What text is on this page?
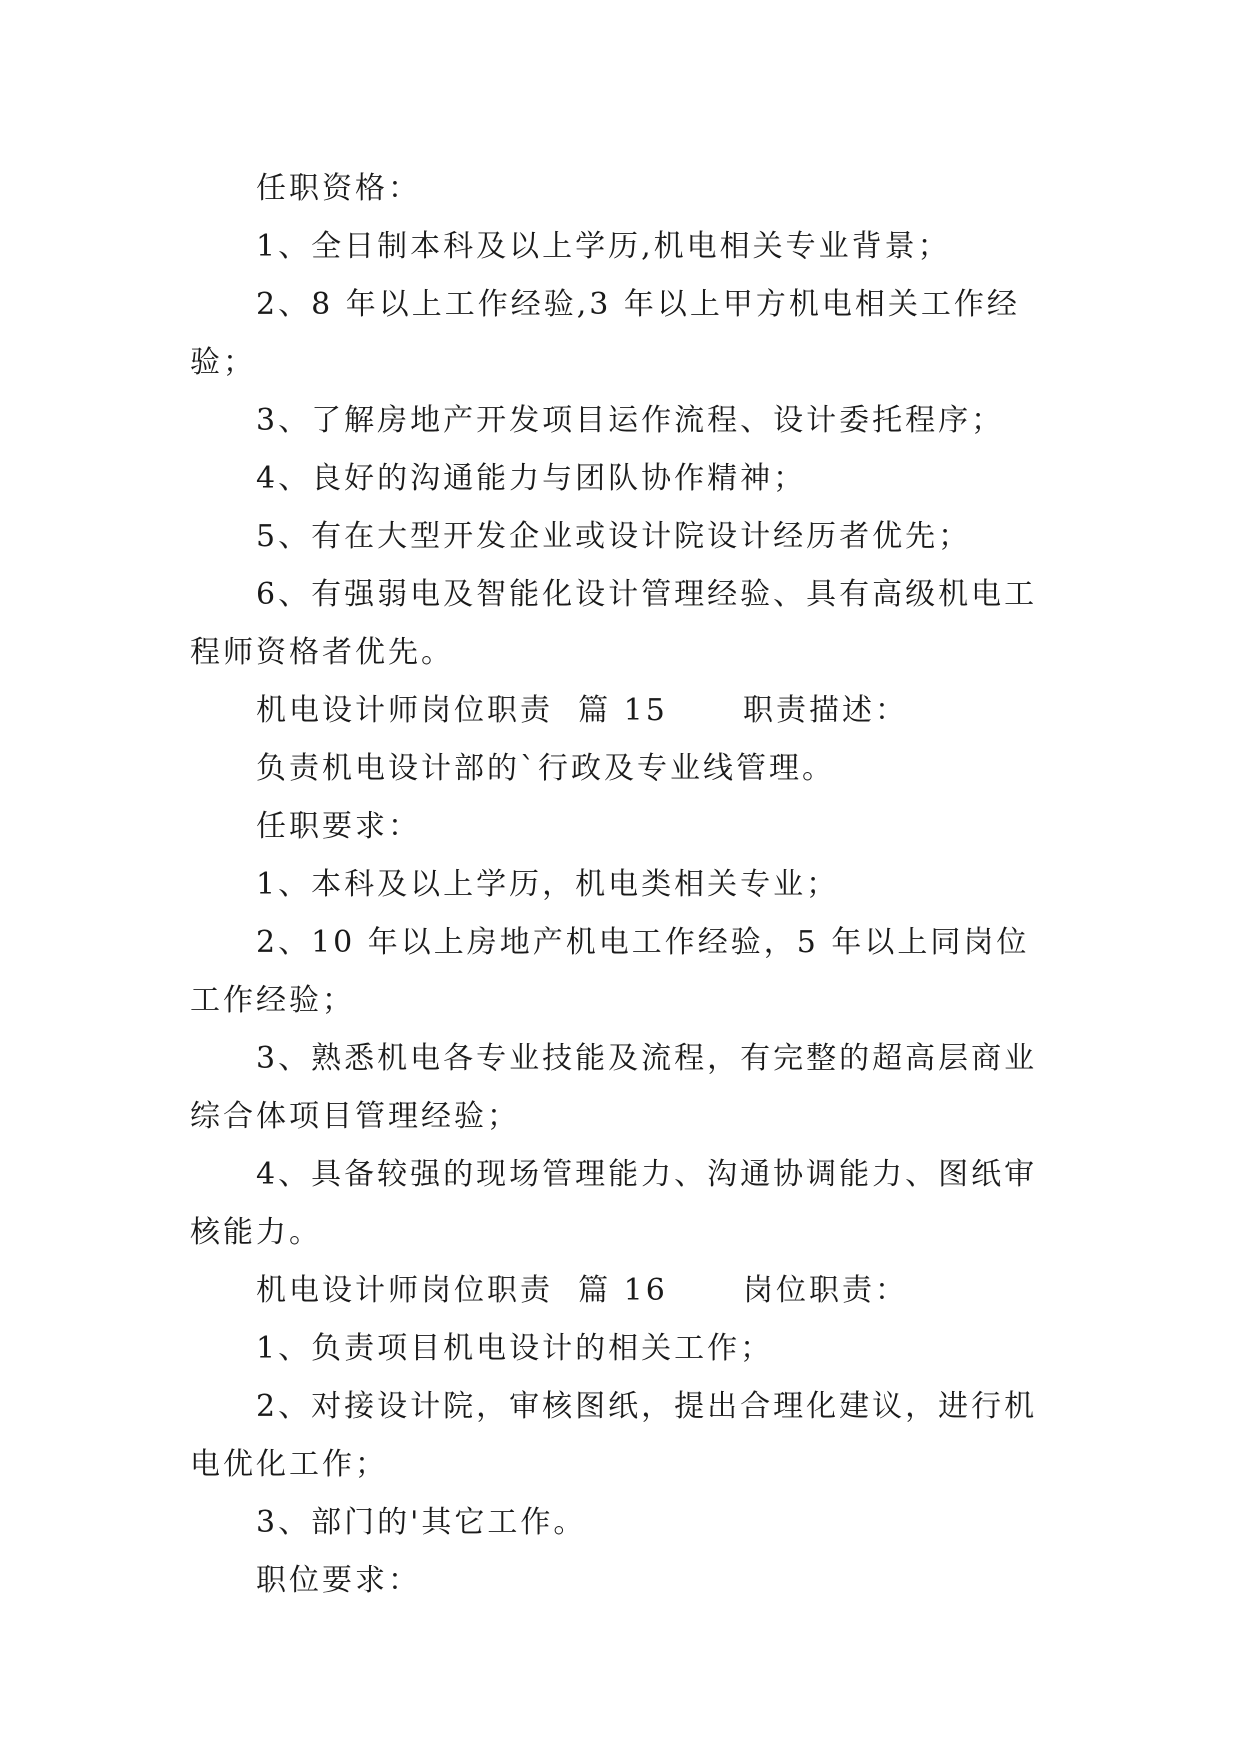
任职资格：

1、全日制本科及以上学历,机电相关专业背景；

2、8 年以上工作经验,3 年以上甲方机电相关工作经验；

3、了解房地产开发项目运作流程、设计委托程序；

4、良好的沟通能力与团队协作精神；

5、有在大型开发企业或设计院设计经历者优先；

6、有强弱电及智能化设计管理经验、具有高级机电工程师资格者优先。

机电设计师岗位职责  篇 15      职责描述：

负责机电设计部的`行政及专业线管理。

任职要求：

1、本科及以上学历，机电类相关专业；

2、10 年以上房地产机电工作经验，5 年以上同岗位工作经验；

3、熟悉机电各专业技能及流程，有完整的超高层商业综合体项目管理经验；

4、具备较强的现场管理能力、沟通协调能力、图纸审核能力。

机电设计师岗位职责  篇 16      岗位职责：

1、负责项目机电设计的相关工作；

2、对接设计院，审核图纸，提出合理化建议，进行机电优化工作；

3、部门的'其它工作。

职位要求：
